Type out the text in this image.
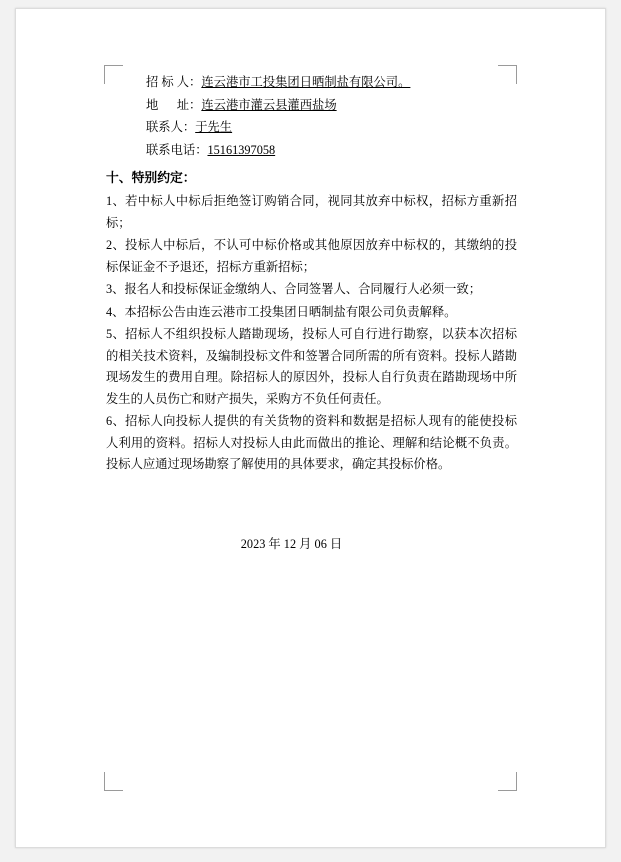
招 标 人： 连云港市工投集团日晒制盐有限公司。
地      址： 连云港市灌云县灌西盐场
联系人： 于先生
联系电话： 15161397058
十、特别约定：
1、若中标人中标后拒绝签订购销合同，视同其放弃中标权，招标方重新招标；
2、投标人中标后，不认可中标价格或其他原因放弃中标权的，其缴纳的投标保证金不予退还，招标方重新招标；
3、报名人和投标保证金缴纳人、合同签署人、合同履行人必须一致；
4、本招标公告由连云港市工投集团日晒制盐有限公司负责解释。
5、招标人不组织投标人踏勘现场，投标人可自行进行勘察，以获本次招标的相关技术资料，及编制投标文件和签署合同所需的所有资料。投标人踏勘现场发生的费用自理。除招标人的原因外，投标人自行负责在踏勘现场中所发生的人员伤亡和财产损失，采购方不负任何责任。
6、招标人向投标人提供的有关货物的资料和数据是招标人现有的能使投标人利用的资料。招标人对投标人由此而做出的推论、理解和结论概不负责。投标人应通过现场勘察了解使用的具体要求，确定其投标价格。
2023 年 12 月 06 日
